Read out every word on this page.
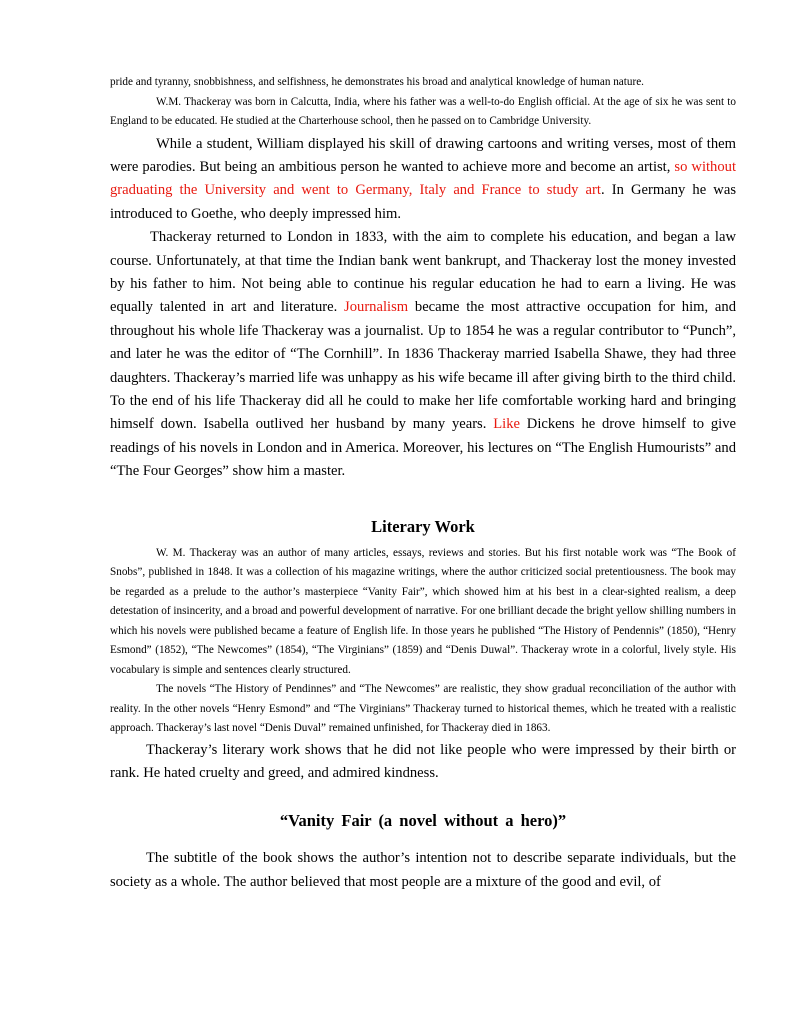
pride and tyranny, snobbishness, and selfishness, he demonstrates his broad and analytical knowledge of human nature.

W.M. Thackeray was born in Calcutta, India, where his father was a well-to-do English official. At the age of six he was sent to England to be educated. He studied at the Charterhouse school, then he passed on to Cambridge University.

While a student, William displayed his skill of drawing cartoons and writing verses, most of them were parodies. But being an ambitious person he wanted to achieve more and become an artist, so without graduating the University and went to Germany, Italy and France to study art. In Germany he was introduced to Goethe, who deeply impressed him.

Thackeray returned to London in 1833, with the aim to complete his education, and began a law course. Unfortunately, at that time the Indian bank went bankrupt, and Thackeray lost the money invested by his father to him. Not being able to continue his regular education he had to earn a living. He was equally talented in art and literature. Journalism became the most attractive occupation for him, and throughout his whole life Thackeray was a journalist. Up to 1854 he was a regular contributor to “Punch”, and later he was the editor of “The Cornhill”. In 1836 Thackeray married Isabella Shawe, they had three daughters. Thackeray’s married life was unhappy as his wife became ill after giving birth to the third child. To the end of his life Thackeray did all he could to make her life comfortable working hard and bringing himself down. Isabella outlived her husband by many years. Like Dickens he drove himself to give readings of his novels in London and in America. Moreover, his lectures on “The English Humourists” and “The Four Georges” show him a master.

Literary Work

W. M. Thackeray was an author of many articles, essays, reviews and stories. But his first notable work was “The Book of Snobs”, published in 1848. It was a collection of his magazine writings, where the author criticized social pretentiousness. The book may be regarded as a prelude to the author’s masterpiece “Vanity Fair”, which showed him at his best in a clear-sighted realism, a deep detestation of insincerity, and a broad and powerful development of narrative. For one brilliant decade the bright yellow shilling numbers in which his novels were published became a feature of English life. In those years he published “The History of Pendennis” (1850), “Henry Esmond” (1852), “The Newcomes” (1854), “The Virginians” (1859) and “Denis Duwal”. Thackeray wrote in a colorful, lively style. His vocabulary is simple and sentences clearly structured.

The novels “The History of Pendinnes” and “The Newcomes” are realistic, they show gradual reconciliation of the author with reality. In the other novels “Henry Esmond” and “The Virginians” Thackeray turned to historical themes, which he treated with a realistic approach. Thackeray’s last novel “Denis Duval” remained unfinished, for Thackeray died in 1863.

Thackeray’s literary work shows that he did not like people who were impressed by their birth or rank. He hated cruelty and greed, and admired kindness.

“Vanity Fair (a novel without a hero)”

The subtitle of the book shows the author’s intention not to describe separate individuals, but the society as a whole. The author believed that most people are a mixture of the good and evil, of
